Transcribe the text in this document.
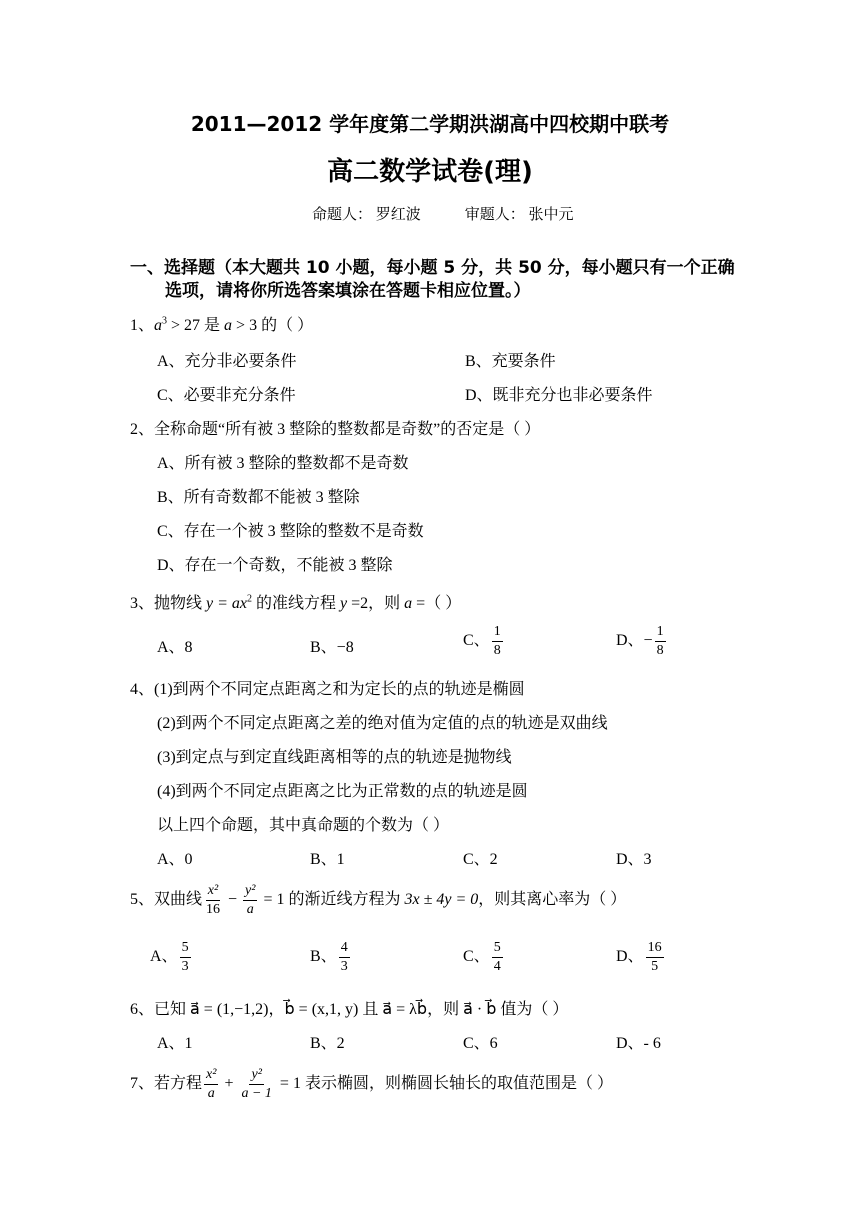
2011—2012 学年度第二学期洪湖高中四校期中联考
高二数学试卷(理)
命题人： 罗红波	审题人： 张中元
一、选择题（本大题共 10 小题，每小题 5 分，共 50 分，每小题只有一个正确
选项，请将你所选答案填涂在答题卡相应位置。）
1、$a^3 > 27$ 是 a > 3 的（ ）
A、充分非必要条件	B、充要条件
C、必要非充分条件	D、既非充分也非必要条件
2、全称命题“所有被 3 整除的整数都是奇数”的否定是（ ）
A、所有被 3 整除的整数都不是奇数
B、所有奇数都不能被 3 整除
C、存在一个被 3 整除的整数不是奇数
D、存在一个奇数，不能被 3 整除
3、抛物线 $y = ax^2$ 的准线方程 y =2，则 a =（ ）
A、8	B、−8	C、 $\frac{1}{8}$	D、− $\frac{1}{8}$
4、(1)到两个不同定点距离之和为定长的点的轨迹是椭圆
(2)到两个不同定点距离之差的绝对值为定值的点的轨迹是双曲线
(3)到定点与到定直线距离相等的点的轨迹是抛物线
(4)到两个不同定点距离之比为正常数的点的轨迹是圆
以上四个命题，其中真命题的个数为（ ）
A、0	B、1	C、2	D、3
5、双曲线 $\frac{\text{x²}}{16} - \frac{\text{y²}}{a} = 1$ 的渐近线方程为 3x ± 4y = 0，则其离心率为（ ）
A、 $\frac{5}{3}$	B、 $\frac{4}{3}$	C、 $\frac{5}{4}$	D、 $\frac{16}{5}$
6、已知 a⃗ = (1,−1,2)，b⃗ = (x,1, y) 且 a⃗ = λb⃗，则 a⃗ · b⃗ 值为（ ）
A、1	B、2	C、6	D、- 6
7、若方程 $\frac{\text{x²}}{a} + \frac{\text{y²}}{a - 1} = 1$ 表示椭圆，则椭圆长轴长的取值范围是（ ）
